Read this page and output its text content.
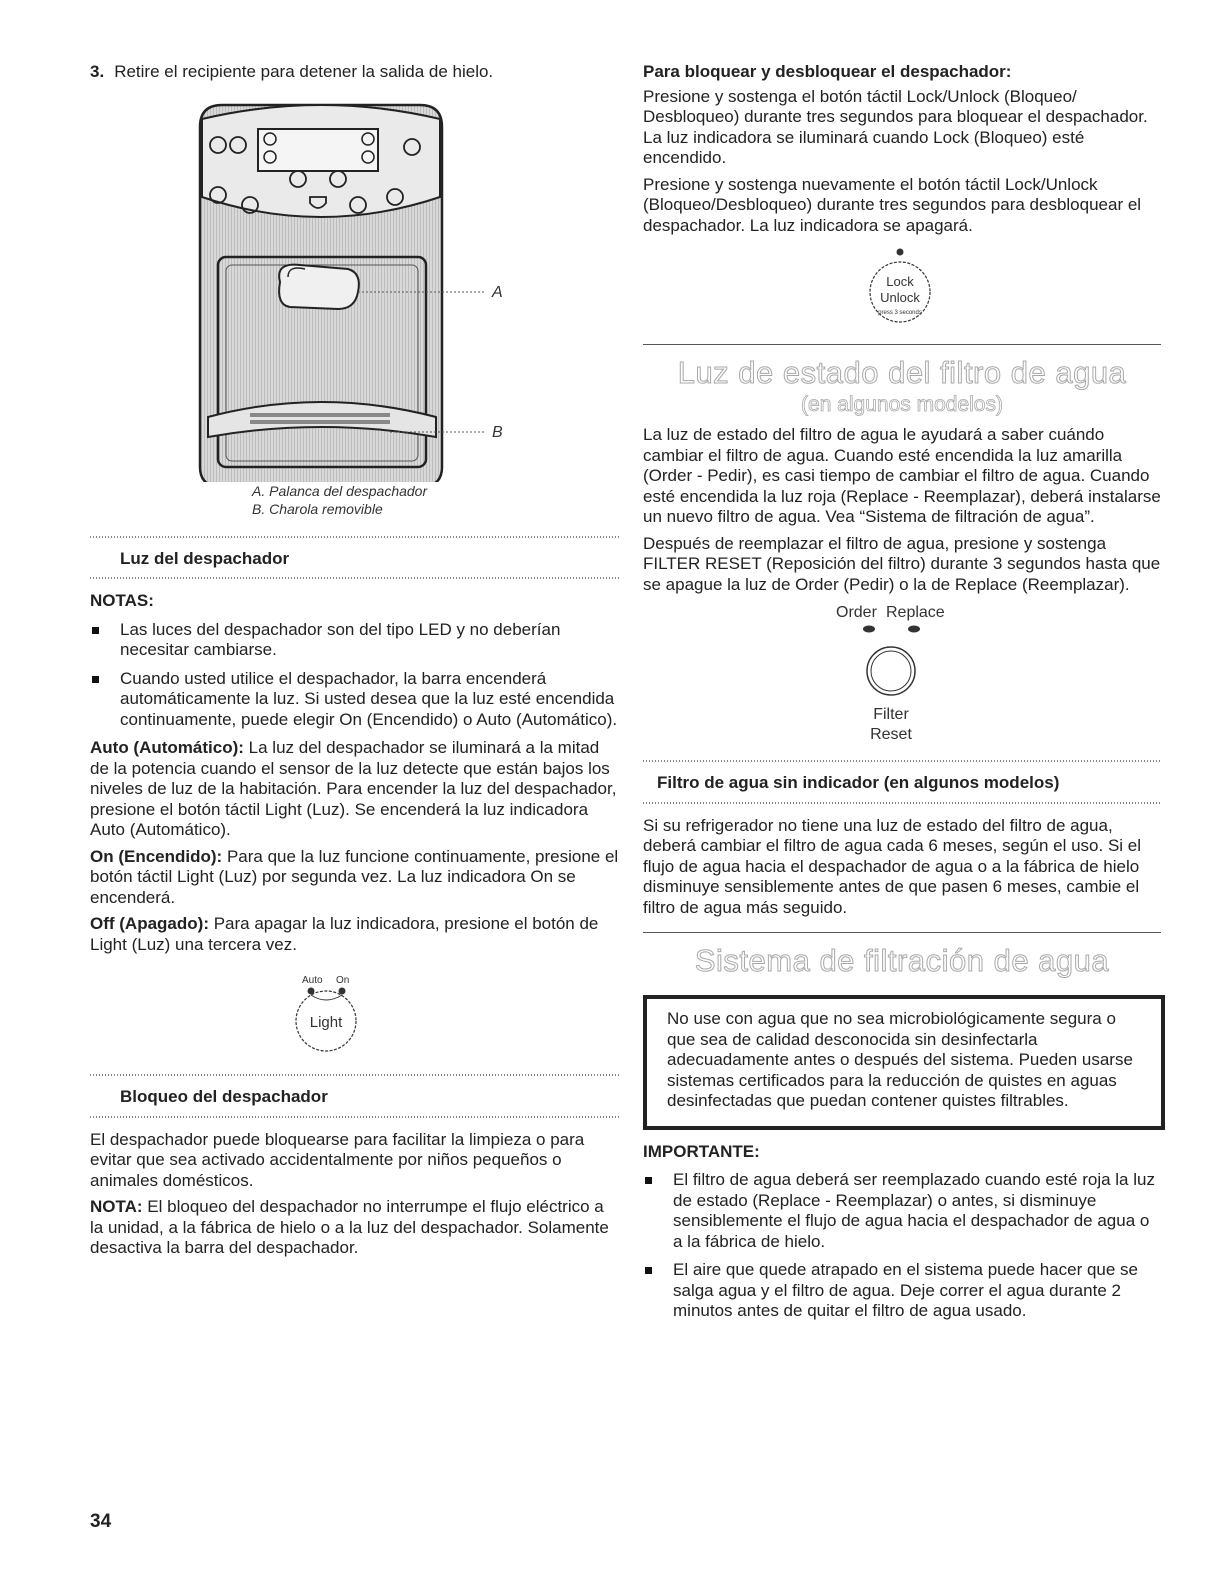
3. Retire el recipiente para detener la salida de hielo.
A
B
A. Palanca del despachador
B. Charola removible
Luz del despachador
NOTAS:
Las luces del despachador son del tipo LED y no deberían necesitar cambiarse.
Cuando usted utilice el despachador, la barra encenderá automáticamente la luz. Si usted desea que la luz esté encendida continuamente, puede elegir On (Encendido) o Auto (Automático).

Auto (Automático): La luz del despachador se iluminará a la mitad de la potencia cuando el sensor de la luz detecte que están bajos los niveles de luz de la habitación. Para encender la luz del despachador, presione el botón táctil Light (Luz). Se encenderá la luz indicadora Auto (Automático).

On (Encendido): Para que la luz funcione continuamente, presione el botón táctil Light (Luz) por segunda vez. La luz indicadora On se encenderá.

Off (Apagado): Para apagar la luz indicadora, presione el botón de Light (Luz) una tercera vez.

Auto On
Light
Bloqueo del despachador

El despachador puede bloquearse para facilitar la limpieza o para evitar que sea activado accidentalmente por niños pequeños o animales domésticos.

NOTA: El bloqueo del despachador no interrumpe el flujo eléctrico a la unidad, a la fábrica de hielo o a la luz del despachador. Solamente desactiva la barra del despachador.

Para bloquear y desbloquear el despachador:

Presione y sostenga el botón táctil Lock/Unlock (Bloqueo/ Desbloqueo) durante tres segundos para bloquear el despachador. La luz indicadora se iluminará cuando Lock (Bloqueo) esté encendido.

Presione y sostenga nuevamente el botón táctil Lock/Unlock (Bloqueo/Desbloqueo) durante tres segundos para desbloquear el despachador. La luz indicadora se apagará.

Lock
Unlock
press 3 seconds
Luz de estado del filtro de agua
(en algunos modelos)

La luz de estado del filtro de agua le ayudará a saber cuándo cambiar el filtro de agua. Cuando esté encendida la luz amarilla (Order - Pedir), es casi tiempo de cambiar el filtro de agua. Cuando esté encendida la luz roja (Replace - Reemplazar), deberá instalarse un nuevo filtro de agua. Vea “Sistema de filtración de agua”.

Después de reemplazar el filtro de agua, presione y sostenga FILTER RESET (Reposición del filtro) durante 3 segundos hasta que se apague la luz de Order (Pedir) o la de Replace (Reemplazar).

Order Replace
Filter
Reset
Filtro de agua sin indicador (en algunos modelos)

Si su refrigerador no tiene una luz de estado del filtro de agua, deberá cambiar el filtro de agua cada 6 meses, según el uso. Si el flujo de agua hacia el despachador de agua o a la fábrica de hielo disminuye sensiblemente antes de que pasen 6 meses, cambie el filtro de agua más seguido.

Sistema de filtración de agua
No use con agua que no sea microbiológicamente segura o que sea de calidad desconocida sin desinfectarla adecuadamente antes o después del sistema. Pueden usarse sistemas certificados para la reducción de quistes en aguas desinfectadas que puedan contener quistes filtrables.
IMPORTANTE:
El filtro de agua deberá ser reemplazado cuando esté roja la luz de estado (Replace - Reemplazar) o antes, si disminuye sensiblemente el flujo de agua hacia el despachador de agua o a la fábrica de hielo.
El aire que quede atrapado en el sistema puede hacer que se salga agua y el filtro de agua. Deje correr el agua durante 2 minutos antes de quitar el filtro de agua usado.
34
